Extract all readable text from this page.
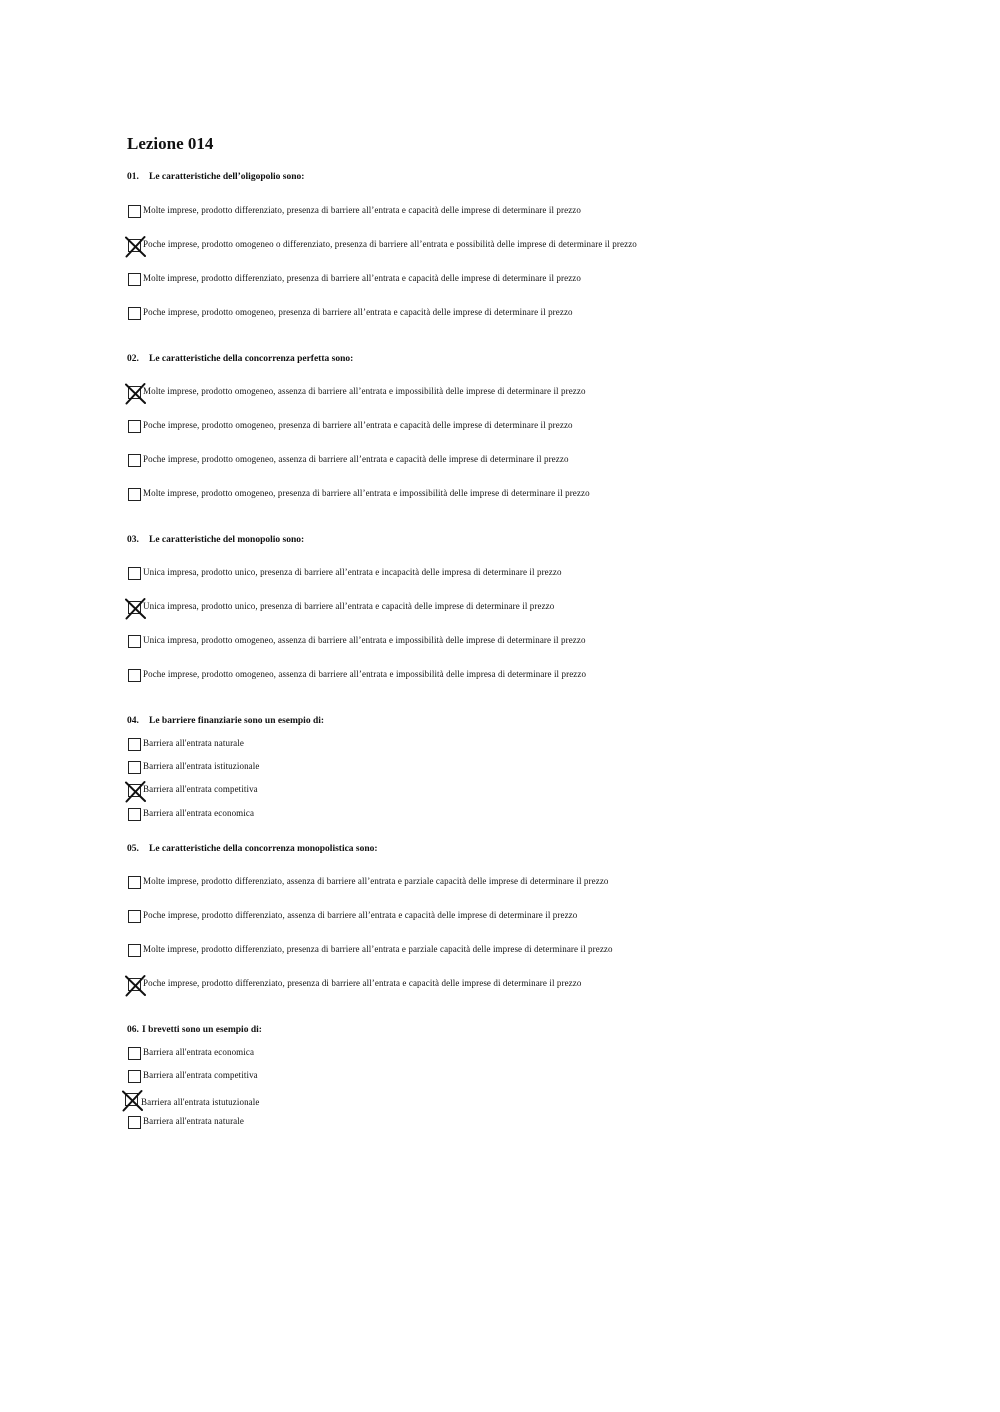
Lezione 014
01. Le caratteristiche dell’oligopolio sono:
Molte imprese, prodotto differenziato, presenza di barriere all’entrata e capacità delle imprese di determinare il prezzo
Poche imprese, prodotto omogeneo o differenziato, presenza di barriere all’entrata e possibilità delle imprese di determinare il prezzo
Molte imprese, prodotto differenziato, presenza di barriere all’entrata e capacità delle imprese di determinare il prezzo
Poche imprese, prodotto omogeneo, presenza di barriere all’entrata e capacità delle imprese di determinare il prezzo
02. Le caratteristiche della concorrenza perfetta sono:
Molte imprese, prodotto omogeneo, assenza di barriere all’entrata e impossibilità delle imprese di determinare il prezzo
Poche imprese, prodotto omogeneo, presenza di barriere all’entrata e capacità delle imprese di determinare il prezzo
Poche imprese, prodotto omogeneo, assenza di barriere all’entrata e capacità delle imprese di determinare il prezzo
Molte imprese, prodotto omogeneo, presenza di barriere all’entrata e impossibilità delle imprese di determinare il prezzo
03. Le caratteristiche del monopolio sono:
Unica impresa, prodotto unico, presenza di barriere all’entrata e incapacità delle impresa di determinare il prezzo
Unica impresa, prodotto unico, presenza di barriere all’entrata e capacità delle imprese di determinare il prezzo
Unica impresa, prodotto omogeneo, assenza di barriere all’entrata e impossibilità delle imprese di determinare il prezzo
Poche imprese, prodotto omogeneo, assenza di barriere all’entrata e impossibilità delle impresa di determinare il prezzo
04. Le barriere finanziarie sono un esempio di:
Barriera all'entrata naturale
Barriera all'entrata istituzionale
Barriera all'entrata competitiva
Barriera all'entrata economica
05. Le caratteristiche della concorrenza monopolistica sono:
Molte imprese, prodotto differenziato, assenza di barriere all’entrata e parziale capacità delle imprese di determinare il prezzo
Poche imprese, prodotto differenziato, assenza di barriere all’entrata e capacità delle imprese di determinare il prezzo
Molte imprese, prodotto differenziato, presenza di barriere all’entrata e parziale capacità delle imprese di determinare il prezzo
Poche imprese, prodotto differenziato, presenza di barriere all’entrata e capacità delle imprese di determinare il prezzo
06. I brevetti sono un esempio di:
Barriera all'entrata economica
Barriera all'entrata competitiva
Barriera all'entrata istutuzionale
Barriera all'entrata naturale
